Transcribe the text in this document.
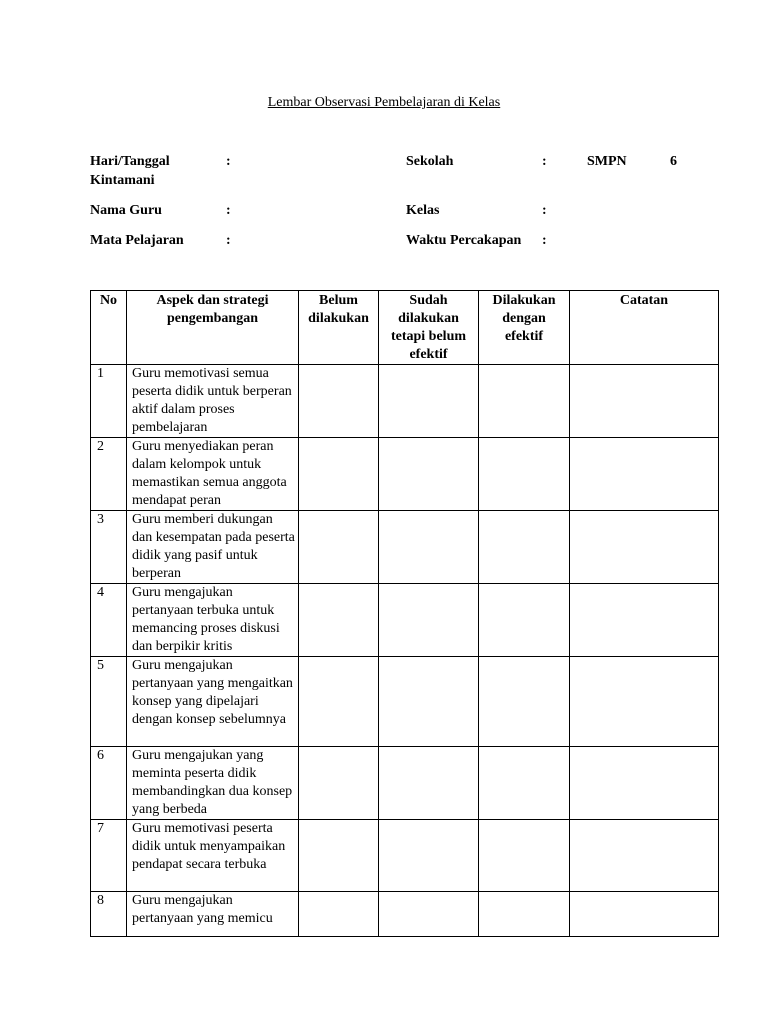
Lembar Observasi Pembelajaran di Kelas
Hari/Tanggal	:
Kintamani
Sekolah	:	SMPN	6
Nama Guru	:	Kelas	:
Mata Pelajaran	:	Waktu Percakapan :
No	Aspek dan strategi pengembangan	Belum dilakukan	Sudah dilakukan tetapi belum efektif	Dilakukan dengan efektif	Catatan
1	Guru memotivasi semua peserta didik untuk berperan aktif dalam proses pembelajaran				
2	Guru menyediakan peran dalam kelompok untuk memastikan semua anggota mendapat peran				
3	Guru memberi dukungan dan kesempatan pada peserta didik yang pasif untuk berperan				
4	Guru mengajukan pertanyaan terbuka untuk memancing proses diskusi dan berpikir kritis				
5	Guru mengajukan pertanyaan yang mengaitkan konsep yang dipelajari dengan konsep sebelumnya				
6	Guru mengajukan yang meminta peserta didik membandingkan dua konsep yang berbeda				
7	Guru memotivasi peserta didik untuk menyampaikan pendapat secara terbuka				
8	Guru mengajukan pertanyaan yang memicu				
